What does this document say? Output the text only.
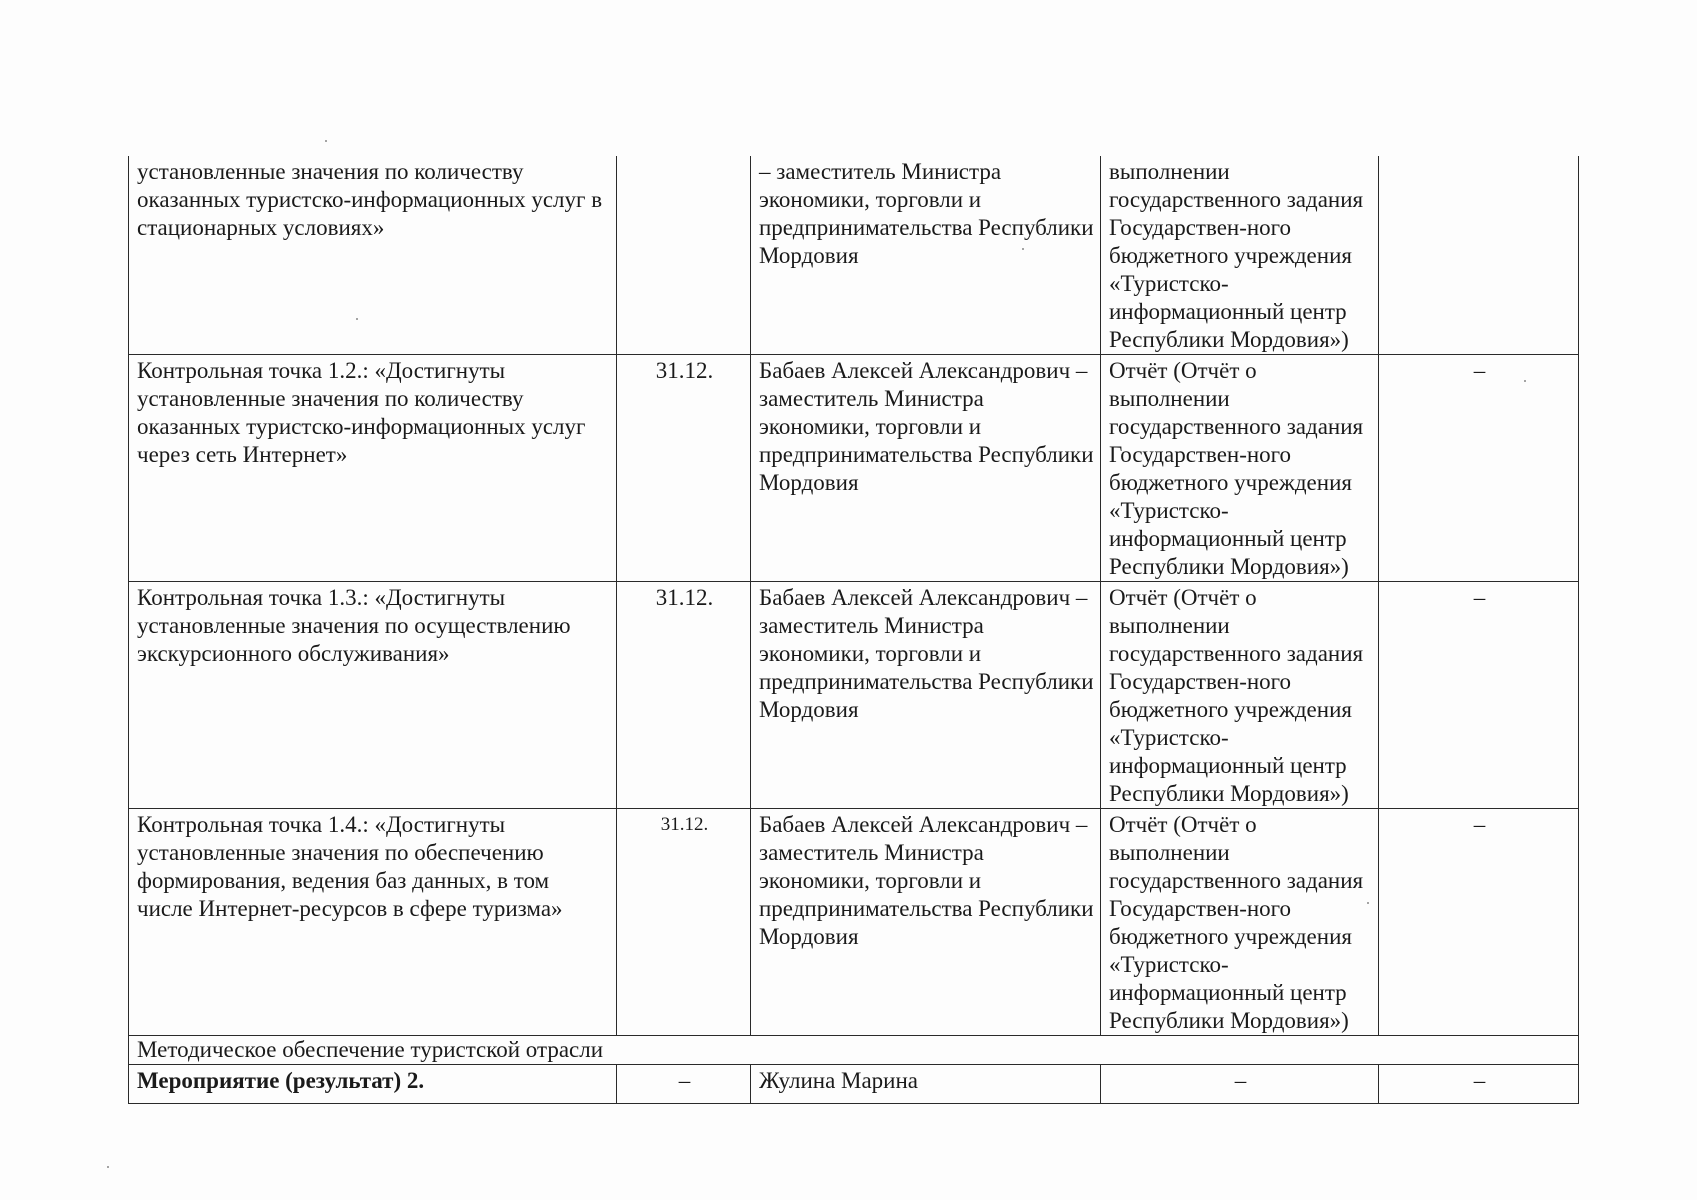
установленные значения по количеству оказанных туристско-информационных услуг в стационарных условиях»		– заместитель Министра экономики, торговли и предпринимательства Республики Мордовия	выполнении государственного задания Государствен-ного бюджетного учреждения «Туристско-информационный центр Республики Мордовия»)	
Контрольная точка 1.2.: «Достигнуты установленные значения по количеству оказанных туристско-информационных услуг через сеть Интернет»	31.12.	Бабаев Алексей Александрович – заместитель Министра экономики, торговли и предпринимательства Республики Мордовия	Отчёт (Отчёт о выполнении государственного задания Государствен-ного бюджетного учреждения «Туристско-информационный центр Республики Мордовия»)	–
Контрольная точка 1.3.: «Достигнуты установленные значения по осуществлению экскурсионного обслуживания»	31.12.	Бабаев Алексей Александрович – заместитель Министра экономики, торговли и предпринимательства Республики Мордовия	Отчёт (Отчёт о выполнении государственного задания Государствен-ного бюджетного учреждения «Туристско-информационный центр Республики Мордовия»)	–
Контрольная точка 1.4.: «Достигнуты установленные значения по обеспечению формирования, ведения баз данных, в том числе Интернет-ресурсов в сфере туризма»	31.12.	Бабаев Алексей Александрович – заместитель Министра экономики, торговли и предпринимательства Республики Мордовия	Отчёт (Отчёт о выполнении государственного задания Государствен-ного бюджетного учреждения «Туристско-информационный центр Республики Мордовия»)	–
Методическое обеспечение туристской отрасли				
Мероприятие (результат) 2.	–	Жулина Марина	–	–
